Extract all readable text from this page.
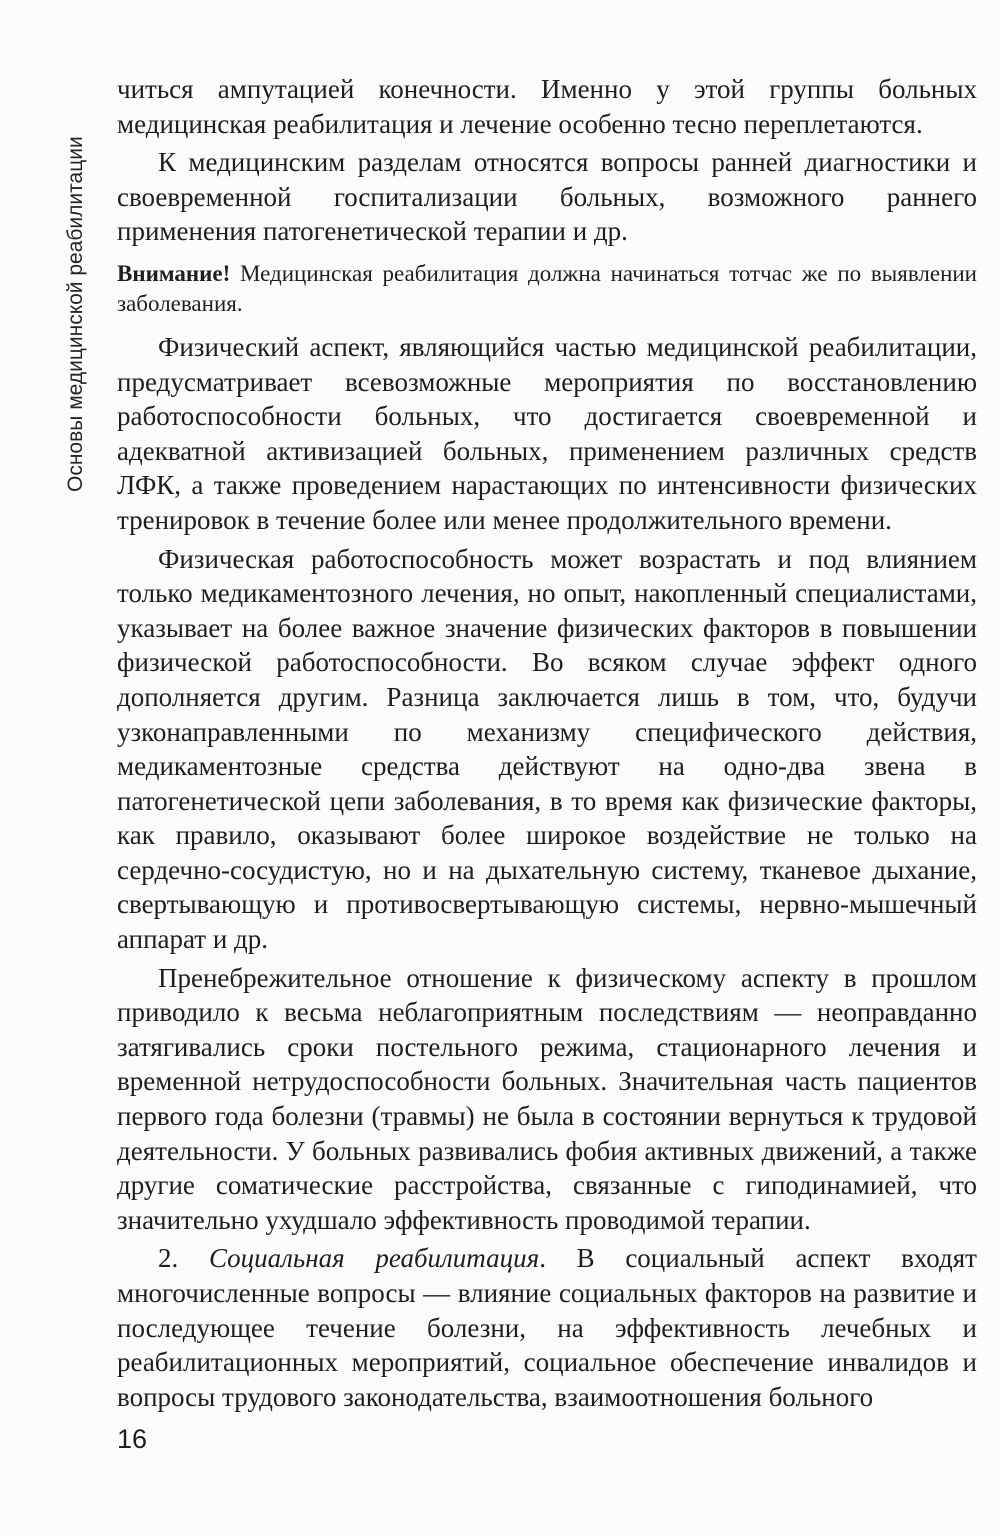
Основы медицинской реабилитации

читься ампутацией конечности. Именно у этой группы больных медицинская реабилитация и лечение особенно тесно переплетаются.

К медицинским разделам относятся вопросы ранней диагностики и своевременной госпитализации больных, возможного раннего применения патогенетической терапии и др.

Внимание! Медицинская реабилитация должна начинаться тотчас же по выявлении заболевания.

Физический аспект, являющийся частью медицинской реабилитации, предусматривает всевозможные мероприятия по восстановлению работоспособности больных, что достигается своевременной и адекватной активизацией больных, применением различных средств ЛФК, а также проведением нарастающих по интенсивности физических тренировок в течение более или менее продолжительного времени.

Физическая работоспособность может возрастать и под влиянием только медикаментозного лечения, но опыт, накопленный специалистами, указывает на более важное значение физических факторов в повышении физической работоспособности. Во всяком случае эффект одного дополняется другим. Разница заключается лишь в том, что, будучи узконаправленными по механизму специфического действия, медикаментозные средства действуют на одно-два звена в патогенетической цепи заболевания, в то время как физические факторы, как правило, оказывают более широкое воздействие не только на сердечно-сосудистую, но и на дыхательную систему, тканевое дыхание, свертывающую и противосвертывающую системы, нервно-мышечный аппарат и др.

Пренебрежительное отношение к физическому аспекту в прошлом приводило к весьма неблагоприятным последствиям — неоправданно затягивались сроки постельного режима, стационарного лечения и временной нетрудоспособности больных. Значительная часть пациентов первого года болезни (травмы) не была в состоянии вернуться к трудовой деятельности. У больных развивались фобия активных движений, а также другие соматические расстройства, связанные с гиподинамией, что значительно ухудшало эффективность проводимой терапии.

2. Социальная реабилитация. В социальный аспект входят многочисленные вопросы — влияние социальных факторов на развитие и последующее течение болезни, на эффективность лечебных и реабилитационных мероприятий, социальное обеспечение инвалидов и вопросы трудового законодательства, взаимоотношения больного

16
